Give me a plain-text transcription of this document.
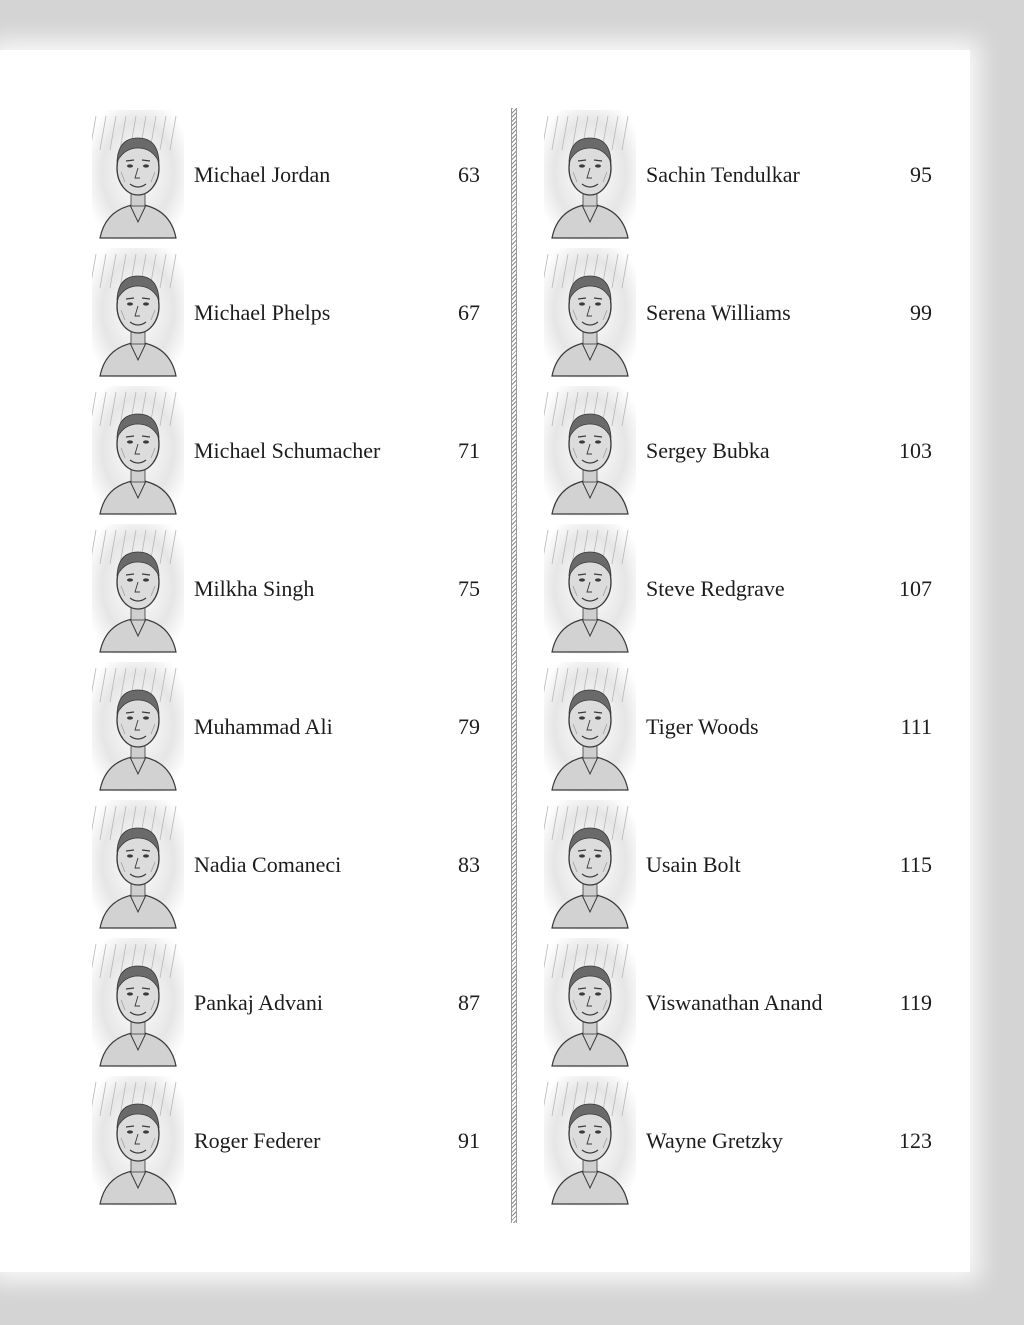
Michael Jordan	63
Michael Phelps	67
Michael Schumacher	71
Milkha Singh	75
Muhammad Ali	79
Nadia Comaneci	83
Pankaj Advani	87
Roger Federer	91
Sachin Tendulkar	95
Serena Williams	99
Sergey Bubka	103
Steve Redgrave	107
Tiger Woods	111
Usain Bolt	115
Viswanathan Anand	119
Wayne Gretzky	123
